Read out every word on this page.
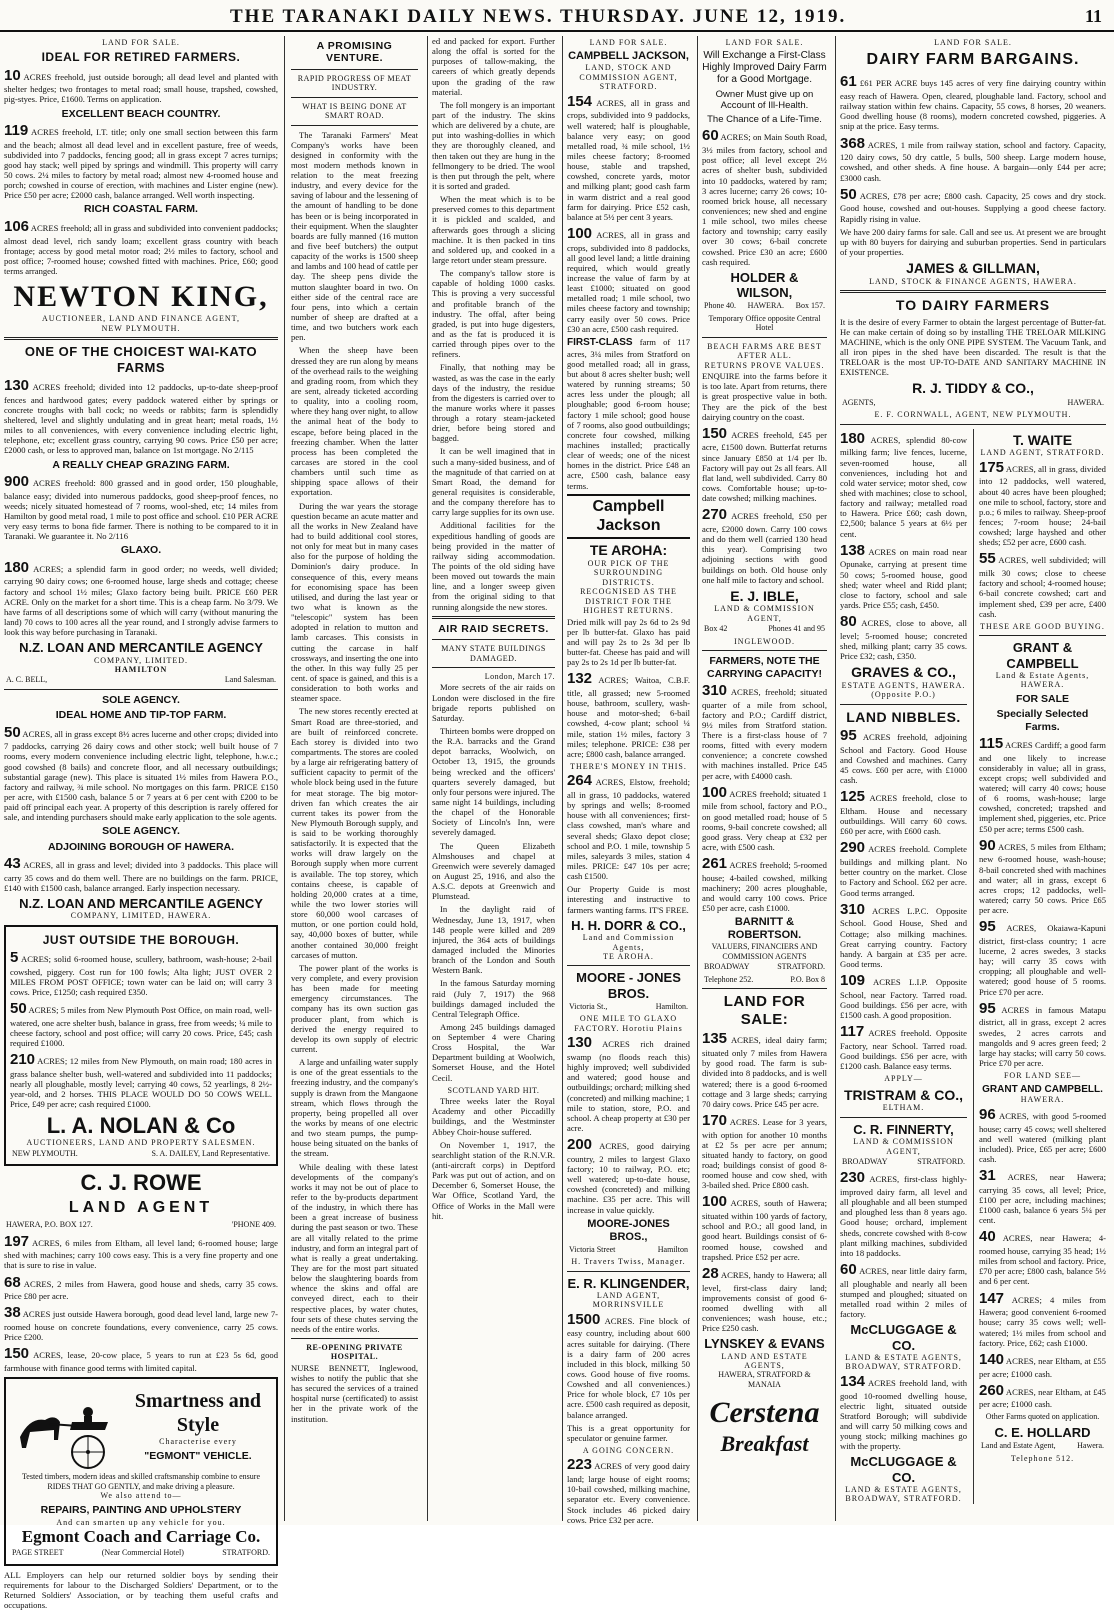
THE TARANAKI DAILY NEWS. THURSDAY. JUNE 12, 1919.	11
LAND FOR SALE.
IDEAL FOR RETIRED FARMERS.
10 ACRES freehold, just outside borough; all dead level and planted with shelter hedges; two frontages to metal road; small house, trapshed, cowshed, pig-styes. Price, £1600. Terms on application.
EXCELLENT BEACH COUNTRY.
119 ACRES freehold, I.T. title; only one small section between this farm and the beach; almost all dead level and in excellent pasture, free of weeds, subdivided into 7 paddocks, fencing good; all in grass except 7 acres turnips; good hay stack; well piped by springs and windmill. This property will carry 50 cows. 2¼ miles to factory by metal road; almost new 4-roomed house and porch; cowshed in course of erection, with machines and Lister engine (new). Price £50 per acre; £2000 cash, balance arranged. Well worth inspecting.
RICH COASTAL FARM.
106 ACRES freehold; all in grass and subdivided into convenient paddocks; almost dead level, rich sandy loam; excellent grass country with beach frontage; access by good metal motor road; 2½ miles to factory, school and post office; 7-roomed house; cowshed fitted with machines. Price, £60; good terms arranged.
NEWTON KING,
AUCTIONEER, LAND AND FINANCE AGENT,
NEW PLYMOUTH.
ONE OF THE CHOICEST WAI-KATO FARMS
130 ACRES freehold; divided into 12 paddocks, up-to-date sheep-proof fences and hardwood gates; every paddock watered either by springs or concrete troughs with ball cock; no weeds or rabbits; farm is splendidly sheltered, level and slightly undulating and in great heart; metal roads, 1½ miles to all conveniences, with every convenience including electric light, telephone, etc; excellent grass country, carrying 90 cows. Price £50 per acre; £2000 cash, or less to approved man, balance on 1st mortgage. No 2/115
A REALLY CHEAP GRAZING FARM.
900 ACRES freehold: 800 grassed and in good order, 150 ploughable, balance easy; divided into numerous paddocks, good sheep-proof fences, no weeds; nicely situated homestead of 7 rooms, wool-shed, etc; 14 miles from Hamilton by good metal road, 1 mile to post office and school. £10 PER ACRE very easy terms to bona fide farmer. There is nothing to be compared to it in Taranaki. We guarantee it. No 2/116
GLAXO.
180 ACRES; a splendid farm in good order; no weeds, well divided; carrying 90 dairy cows; one 6-roomed house, large sheds and cottage; cheese factory and school 1½ miles; Glaxo factory being built. PRICE £60 PER ACRE. Only on the market for a short time. This is a cheap farm. No 3/79. We have farms of all descriptions some of which will carry (without manuring the land) 70 cows to 100 acres all the year round, and I strongly advise farmers to look this way before purchasing in Taranaki.
N.Z. LOAN AND MERCANTILE AGENCY
COMPANY, LIMITED.
HAMILTON
A. C. BELL,	Land Salesman.
SOLE AGENCY.
IDEAL HOME AND TIP-TOP FARM.
50 ACRES, all in grass except 8½ acres lucerne and other crops; divided into 7 paddocks, carrying 26 dairy cows and other stock; well built house of 7 rooms, every modern convenience including electric light, telephone, h.w.c.; good cowshed (8 bails) and concrete floor, and all necessary outbuildings; substantial garage (new). This place is situated 1½ miles from Hawera P.O., factory and railway, ¾ mile school. No mortgages on this farm. PRICE £150 per acre, with £1500 cash, balance 5 or 7 years at 6 per cent with £200 to be paid off principal each year. A property of this description is rarely offered for sale, and intending purchasers should make early application to the sole agents.
SOLE AGENCY.
ADJOINING BOROUGH OF HAWERA.
43 ACRES, all in grass and level; divided into 3 paddocks. This place will carry 35 cows and do them well. There are no buildings on the farm. PRICE, £140 with £1500 cash, balance arranged. Early inspection necessary.
N.Z. LOAN AND MERCANTILE AGENCY
COMPANY, LIMITED, HAWERA.
JUST OUTSIDE THE BOROUGH.
5 ACRES; solid 6-roomed house, scullery, bathroom, wash-house; 2-bail cowshed, piggery. Cost run for 100 fowls; Alta light; JUST OVER 2 MILES FROM POST OFFICE; town water can be laid on; will carry 3 cows. Price, £1250; cash required £350.
50 ACRES; 5 miles from New Plymouth Post Office, on main road, well-watered, one acre shelter bush, balance in grass, free from weeds; ¼ mile to cheese factory, school and post office; will carry 20 cows. Price, £45; cash required £1000.
210 ACRES; 12 miles from New Plymouth, on main road; 180 acres in grass balance shelter bush, well-watered and subdivided into 11 paddocks; nearly all ploughable, mostly level; carrying 40 cows, 52 yearlings, 8 2½-year-old, and 2 horses. THIS PLACE WOULD DO 50 COWS WELL. Price, £49 per acre; cash required £1000.
L. A. NOLAN & Co
AUCTIONEERS, LAND AND PROPERTY SALESMEN.
NEW PLYMOUTH.	S. A. DAILEY, Land Representative.
C. J. ROWE
LAND AGENT
HAWERA, P.O. BOX 127.	'PHONE 409.
197 ACRES, 6 miles from Eltham, all level land; 6-roomed house; large shed with machines; carry 100 cows easy. This is a very fine property and one that is sure to rise in value.
68 ACRES, 2 miles from Hawera, good house and sheds, carry 35 cows. Price £80 per acre.
38 ACRES just outside Hawera borough, good dead level land, large new 7-roomed house on concrete foundations, every convenience, carry 25 cows. Price £200.
150 ACRES, lease, 20-cow place, 5 years to run at £23 5s 6d, good farmhouse with finance good terms with limited capital.
Smartness and
Style
Characterise every
"EGMONT" VEHICLE.
Tested timbers, modern ideas and skilled craftsmanship combine to ensure RIDES THAT GO GENTLY, and make driving a pleasure.
We also attend to—
REPAIRS, PAINTING AND UPHOLSTERY
And can smarten up any vehicle for you.
Egmont Coach and Carriage Co.
PAGE STREET	(Near Commercial Hotel)	STRATFORD.
ALL Employers can help our returned soldier boys by sending their requirements for labour to the Discharged Soldiers' Department, or to the Returned Soldiers' Association, or by teaching them useful crafts and occupations.
A PROMISING VENTURE.
RAPID PROGRESS OF MEAT INDUSTRY.
WHAT IS BEING DONE AT SMART ROAD.
The Taranaki Farmers' Meat Company's works have been designed in conformity with the most modern methods known in relation to the meat freezing industry, and every device for the saving of labour and the lessening of the amount of handling to be done has been or is being incorporated in their equipment. When the slaughter boards are fully manned (16 mutton and five beef butchers) the output capacity of the works is 1500 sheep and lambs and 100 head of cattle per day. The sheep pens divide the mutton slaughter board in two. On either side of the central race are four pens, into which a certain number of sheep are drafted at a time, and two butchers work each pen.
When the sheep have been dressed they are run along by means of the overhead rails to the weighing and grading room, from which they are sent, already ticketed according to quality, into a cooling room, where they hang over night, to allow the animal heat of the body to escape, before being placed in the freezing chamber. When the latter process has been completed the carcases are stored in the cool chambers until such time as shipping space allows of their exportation.
During the war years the storage question became an acute matter and all the works in New Zealand have had to build additional cool stores, not only for meat but in many cases also for the purpose of holding the Dominion's dairy produce. In consequence of this, every means for economising space has been utilised, and during the last year or two what is known as the "telescopic" system has been adopted in relation to mutton and lamb carcases. This consists in cutting the carcase in half crossways, and inserting the one into the other. In this way fully 25 per cent. of space is gained, and this is a consideration to both works and steamer space.
The new stores recently erected at Smart Road are three-storied, and are built of reinforced concrete. Each storey is divided into two compartments. The stores are cooled by a large air refrigerating battery of sufficient capacity to permit of the whole block being used in the future for meat storage. The big motor-driven fan which creates the air current takes its power from the New Plymouth Borough supply, and is said to be working thoroughly satisfactorily. It is expected that the works will draw largely on the Borough supply when more current is available. The top storey, which contains cheese, is capable of holding 20,000 crates at a time, while the two lower stories will store 60,000 wool carcases of mutton, or one portion could hold, say, 40,000 boxes of butter, while another contained 30,000 freight carcases of mutton.
The power plant of the works is very complete, and every provision has been made for meeting emergency circumstances. The company has its own suction gas producer plant, from which is derived the energy required to develop its own supply of electric current.
A large and unfailing water supply is one of the great essentials to the freezing industry, and the company's supply is drawn from the Mangaone stream, which flows through the property, being propelled all over the works by means of one electric and two steam pumps, the pump-house being situated on the banks of the stream.
While dealing with these latest developments of the company's works it may not be out of place to refer to the by-products department of the industry, in which there has been a great increase of business during the past season or two. These are all vitally related to the prime industry, and form an integral part of what is really a great undertaking. They are for the most part situated below the slaughtering boards from whence the skins and offal are conveyed direct, each to their respective places, by water chutes, four sets of these chutes serving the needs of the entire works.
RE-OPENING PRIVATE HOSPITAL.
NURSE BENNETT, Inglewood, wishes to notify the public that she has secured the services of a trained hospital nurse (certificated) to assist her in the private work of the institution.
ed and packed for export. Further along the offal is sorted for the purposes of tallow-making, the careers of which greatly depends upon the grading of the raw material.
The foll mongery is an important part of the industry. The skins which are delivered by a chute, are put into washing-dollies in which they are thoroughly cleaned, and then taken out they are hung in the fellmongery to be dried. The wool is then put through the pelt, where it is sorted and graded.
When the meat which is to be preserved comes to this department it is pickled and scalded, and afterwards goes through a slicing machine. It is then packed in tins and soldered up, and cooked in a large retort under steam pressure.
The company's tallow store is capable of holding 1000 casks. This is proving a very successful and profitable branch of the industry. The offal, after being graded, is put into huge digesters, and as the fat is produced it is carried through pipes over to the refiners.
Finally, that nothing may be wasted, as was the case in the early days of the industry, the residue from the digesters is carried over to the manure works where it passes through a rotary steam-jacketed drier, before being stored and bagged.
It can be well imagined that in such a many-sided business, and of the magnitude of that carried on at Smart Road, the demand for general requisites is considerable, and the company therefore has to carry large supplies for its own use.
Additional facilities for the expeditious handling of goods are being provided in the matter of railway siding accommodation. The points of the old siding have been moved out towards the main line, and a longer sweep given from the original siding to that running alongside the new stores.
AIR RAID SECRETS.
MANY STATE BUILDINGS DAMAGED.
London, March 17.
More secrets of the air raids on London were disclosed in the fire brigade reports published on Saturday.
Thirteen bombs were dropped on the R.A. barracks and the Grand depot barracks, Woolwich, on October 13, 1915, the grounds being wrecked and the officers' quarters severely damaged, but only four persons were injured. The same night 14 buildings, including the chapel of the Honorable Society of Lincoln's Inn, were severely damaged.
The Queen Elizabeth Almshouses and chapel at Greenwich were severely damaged on August 25, 1916, and also the A.S.C. depots at Greenwich and Plumstead.
In the daylight raid of Wednesday, June 13, 1917, when 148 people were killed and 289 injured, the 364 acts of buildings damaged included the Minories branch of the London and South Western Bank.
In the famous Saturday morning raid (July 7, 1917) the 968 buildings damaged included the Central Telegraph Office.
Among 245 buildings damaged on September 4 were Charing Cross Hospital, the War Department building at Woolwich, Somerset House, and the Hotel Cecil.
SCOTLAND YARD HIT.
Three weeks later the Royal Academy and other Piccadilly buildings, and the Westminster Abbey Choir-house suffered.
On November 1, 1917, the searchlight station of the R.N.V.R. (anti-aircraft corps) in Deptford Park was put out of action, and on December 6, Somerset House, the War Office, Scotland Yard, the Office of Works in the Mall were hit.
LAND FOR SALE.
CAMPBELL JACKSON,
LAND, STOCK AND COMMISSION AGENT, STRATFORD.
154 ACRES, all in grass and crops, subdivided into 9 paddocks, well watered; half is ploughable, balance very easy; on good metalled road, ¾ mile school, 1½ miles cheese factory; 8-roomed house, stable and trapshed, cowshed, concrete yards, motor and milking plant; good cash farm in warm district and a real good farm for dairying. Price £52 cash, balance at 5½ per cent 3 years.
100 ACRES, all in grass and crops, subdivided into 8 paddocks, all good level land; a little draining required, which would greatly increase the value of farm by at least £1000; situated on good metalled road; 1 mile school, two miles cheese factory and township; carry easily over 50 cows. Price £30 an acre, £500 cash required.
FIRST-CLASS farm of 117 acres, 3¼ miles from Stratford on good metalled road; all in grass, but about 8 acres shelter bush; well watered by running streams; 50 acres less under the plough; all ploughable; good 6-room house; factory 1 mile school; good house of 7 rooms, also good outbuildings; concrete four cowshed, milking machines installed; practically clear of weeds; one of the nicest homes in the district. Price £48 an acre, £500 cash, balance easy terms.
Campbell Jackson
TE AROHA:
OUR PICK OF THE SURROUNDING DISTRICTS.
RECOGNISED AS THE DISTRICT FOR THE HIGHEST RETURNS.
Dried milk will pay 2s 6d to 2s 9d per lb butter-fat. Glaxo has paid and will pay 2s to 2s 3d per lb butter-fat. Cheese has paid and will pay 2s to 2s 1d per lb butter-fat.
132 ACRES; Waitoa, C.B.F. title, all grassed; new 5-roomed house, bathroom, scullery, wash-house and motor-shed; 6-bail cowshed, 4-cow plant; school ¼ mile, station 1½ miles, factory 3 miles; telephone. PRICE: £38 per acre; £800 cash, balance arranged.
THERE'S MONEY IN THIS.
264 ACRES, Elstow, freehold; all in grass, 10 paddocks, watered by springs and wells; 8-roomed house with all conveniences; first-class cowshed, man's whare and several sheds; Glaxo depot close; school and P.O. 1 mile, township 5 miles, saleyards 3 miles, station 4 miles. PRICE: £47 10s per acre; cash £1500.
Our Property Guide is most interesting and instructive to farmers wanting farms. IT'S FREE.
H. H. DORR & CO.,
Land and Commission Agents,
TE AROHA.
MOORE - JONES BROS.
Victoria St.,	Hamilton.
ONE MILE TO GLAXO FACTORY. Horotiu Plains
130 ACRES rich drained swamp (no floods reach this) highly improved; well subdivided and watered; good house and outbuildings; orchard; milking shed (concreted) and milking machine; 1 mile to station, store, P.O. and school. A cheap property at £30 per acre.
200 ACRES, good dairying country, 2 miles to largest Glaxo factory; 10 to railway, P.O. etc; well watered; up-to-date house, cowshed (concreted) and milking machine. £35 per acre. This will increase in value quickly.
MOORE-JONES BROS.,
Victoria Street	Hamilton
H. Travers Twiss, Manager.
E. R. KLINGENDER,
LAND AGENT,
MORRINSVILLE
1500 ACRES. Fine block of easy country, including about 600 acres suitable for dairying. (There is a dairy farm of 200 acres included in this block, milking 50 cows. Good house of five rooms. Cowshed and all conveniences.) Price for whole block, £7 10s per acre. £500 cash required as deposit, balance arranged.
This is a great opportunity for speculator or genuine farmer.
A GOING CONCERN.
223 ACRES of very good dairy land; large house of eight rooms; 10-bail cowshed, milking machine, separator etc. Every convenience. Stock includes 46 picked dairy cows. Price £32 per acre.
LAND FOR SALE.
Will Exchange a First-Class Highly Improved Dairy Farm for a Good Mortgage.
Owner Must give up on Account of Ill-Health.
The Chance of a Life-Time.
60 ACRES; on Main South Road, 3½ miles from factory, school and post office; all level except 2½ acres of shelter bush, subdivided into 10 paddocks, watered by ram; 3 acres lucerne; carry 26 cows; 10-roomed brick house, all necessary conveniences; new shed and engine 1 mile school, two miles cheese factory and township; carry easily over 30 cows; 6-bail concrete cowshed. Price £30 an acre; £600 cash required.
HOLDER & WILSON,
Phone 40. HAWERA. Box 157.
Temporary Office opposite Central Hotel
BEACH FARMS ARE BEST AFTER ALL.
RETURNS PROVE VALUES.
ENQUIRE into the farms before it is too late. Apart from returns, there is great prospective value in both. They are the pick of the best dairying country on the coast.
150 ACRES freehold, £45 per acre, £1500 down. Butterfat returns since January £850 at 1/4 per lb. Factory will pay out 2s all fears. All flat land, well subdivided. Carry 80 cows. Comfortable house; up-to-date cowshed; milking machines.
270 ACRES freehold, £50 per acre, £2000 down. Carry 100 cows and do them well (carried 130 head this year). Comprising two adjoining sections with good buildings on both. Old house only one half mile to factory and school.
E. J. IBLE,
LAND & COMMISSION AGENT,
Box 42	Phones 41 and 95
INGLEWOOD.
FARMERS, NOTE THE CARRYING CAPACITY!
310 ACRES, freehold; situated quarter of a mile from school, factory and P.O.; Cardiff district, 9½ miles from Stratford station. There is a first-class house of 7 rooms, fitted with every modern convenience; a concrete cowshed with machines installed. Price £45 per acre, with £4000 cash.
100 ACRES freehold; situated 1 mile from school, factory and P.O., on good metalled road; house of 5 rooms, 9-bail concrete cowshed; all good grass. Very cheap at £32 per acre, with £500 cash.
261 ACRES freehold; 5-roomed house; 4-bailed cowshed, milking machinery; 200 acres ploughable, and would carry 100 cows. Price £50 per acre, cash £1000.
BARNITT & ROBERTSON.
VALUERS, FINANCIERS AND COMMISSION AGENTS
BROADWAY	STRATFORD.
Telephone 252.	P.O. Box 8
LAND FOR SALE:
135 ACRES, ideal dairy farm; situated only 7 miles from Hawera by good road. The farm is sub-divided into 8 paddocks, and is well watered; there is a good 6-roomed cottage and 3 large sheds; carrying 70 dairy cows. Price £45 per acre.
170 ACRES. Lease for 3 years, with option for another 10 months at £2 5s per acre per annum; situated handy to factory, on good road; buildings consist of good 8-roomed house and cow shed, with 3-bailed shed. Price £800 cash.
100 ACRES, south of Hawera; situated within 100 yards of factory, school and P.O.; all good land, in good heart. Buildings consist of 6-roomed house, cowshed and trapshed. Price £52 per acre.
28 ACRES, handy to Hawera; all level, first-class dairy land; improvements consist of good 6-roomed dwelling with all conveniences; wash house, etc.; Price £250 cash.
LYNSKEY & EVANS
LAND AND ESTATE AGENTS,
HAWERA, STRATFORD & MANAIA
Cerstena
Breakfast
LAND FOR SALE.
DAIRY FARM BARGAINS.
61 £61 PER ACRE buys 145 acres of very fine dairying country within easy reach of Hawera. Open, cleared, ploughable land. Factory, school and railway station within few chains. Capacity, 55 cows, 8 horses, 20 weaners. Good dwelling house (8 rooms), modern concreted cowshed, piggeries. A snip at the price. Easy terms.
368 ACRES, 1 mile from railway station, school and factory. Capacity, 120 dairy cows, 50 dry cattle, 5 bulls, 500 sheep. Large modern house, cowshed, and other sheds. A fine house. A bargain—only £44 per acre; £3000 cash.
50 ACRES, £78 per acre; £800 cash. Capacity, 25 cows and dry stock. Good house, cowshed and out-houses. Supplying a good cheese factory. Rapidly rising in value.
We have 200 dairy farms for sale. Call and see us. At present we are brought up with 80 buyers for dairying and suburban properties. Send in particulars of your properties.
JAMES & GILLMAN,
LAND, STOCK & FINANCE AGENTS, HAWERA.
TO DAIRY FARMERS
It is the desire of every Farmer to obtain the largest percentage of Butter-fat. He can make certain of doing so by installing THE TRELOAR MILKING MACHINE, which is the only ONE PIPE SYSTEM. The Vacuum Tank, and all iron pipes in the shed have been discarded. The result is that the TRELOAR is the most UP-TO-DATE AND SANITARY MACHINE IN EXISTENCE.
R. J. TIDDY & CO.,
AGENTS,	HAWERA.
E. F. CORNWALL, AGENT, NEW PLYMOUTH.
180 ACRES, splendid 80-cow milking farm; live fences, lucerne, seven-roomed house, all conveniences, including hot and cold water service; motor shed, cow shed with machines; close to school, factory and railway; metalled road to Hawera. Price £60; cash down, £2,500; balance 5 years at 6½ per cent.
138 ACRES on main road near Opunake, carrying at present time 50 cows; 5-roomed house, good shed; water wheel and Ridd plant; close to factory, school and sale yards. Price £55; cash, £450.
80 ACRES, close to above, all level; 5-roomed house; concreted shed, milking plant; carry 35 cows. Price £32; cash, £350.
GRAVES & CO.,
ESTATE AGENTS, HAWERA.
(Opposite P.O.)
LAND NIBBLES.
95 ACRES freehold, adjoining School and Factory. Good House and Cowshed and machines. Carry 45 cows. £60 per acre, with £1000 cash.
125 ACRES freehold, close to Eltham. House and necessary outbuildings. Will carry 60 cows. £60 per acre, with £600 cash.
290 ACRES freehold. Complete buildings and milking plant. No better country on the market. Close to Factory and School. £62 per acre. Good terms arranged.
310 ACRES L.P.C. Opposite School. Good House, Shed and Cottage; also milking machines. Great carrying country. Factory handy. A bargain at £35 per acre. Good terms.
109 ACRES L.I.P. Opposite School, near Factory. Tarred road. Good buildings. £56 per acre, with £1500 cash. A good proposition.
117 ACRES freehold. Opposite Factory, near School. Tarred road. Good buildings. £56 per acre, with £1200 cash. Balance easy terms.
APPLY—
TRISTRAM & CO.,
ELTHAM.
C. R. FINNERTY,
LAND & COMMISSION AGENT,
BROADWAY	STRATFORD.
230 ACRES, first-class highly-improved dairy farm, all level and all ploughable and all been stumped and ploughed less than 8 years ago. Good house; orchard, implement sheds, concrete cowshed with 8-cow plant milking machines, subdivided into 18 paddocks.
60 ACRES, near little dairy farm, all ploughable and nearly all been stumped and ploughed; situated on metalled road within 2 miles of factory.
McCLUGGAGE & CO.
LAND & ESTATE AGENTS,
BROADWAY, STRATFORD.
134 ACRES freehold land, with good 10-roomed dwelling house, electric light, situated outside Stratford Borough; will subdivide and will carry 50 milking cows and young stock; milking machines go with the property.
McCLUGGAGE & CO.
LAND & ESTATE AGENTS,
BROADWAY, STRATFORD.
T. WAITE
LAND AGENT, STRATFORD.
175 ACRES, all in grass, divided into 12 paddocks, well watered, about 40 acres have been ploughed; one mile to school, factory, store and p.o.; 6 miles to railway. Sheep-proof fences; 7-room house; 24-bail cowshed; large hayshed and other sheds; £52 per acre, £600 cash.
55 ACRES, well subdivided; will milk 30 cows; close to cheese factory and school; 4-roomed house; 6-bail concrete cowshed; cart and implement shed, £39 per acre, £400 cash.
THESE ARE GOOD BUYING.
GRANT & CAMPBELL
Land & Estate Agents,
HAWERA.
FOR SALE
Specially Selected Farms.
115 ACRES Cardiff; a good farm and one likely to increase considerably in value; all in grass, except crops; well subdivided and watered; will carry 40 cows; house of 6 rooms, wash-house; large cowshed, concreted; trapshed and implement shed, piggeries, etc. Price £50 per acre; terms £500 cash.
90 ACRES, 5 miles from Eltham; new 6-roomed house, wash-house; 8-bail concreted shed with machines and water; all in grass, except 6 acres crops; 12 paddocks, well-watered; carry 50 cows. Price £65 per acre.
95 ACRES, Okaiawa-Kapuni district, first-class country; 1 acre lucerne, 2 acres swedes, 3 stacks hay; will carry 35 cows with cropping; all ploughable and well-watered; good house of 5 rooms. Price £70 per acre.
95 ACRES in famous Matapu district, all in grass, except 2 acres swedes, 2 acres carrots and mangolds and 9 acres green feed; 2 large hay stacks; will carry 50 cows. Price £70 per acre.
FOR LAND SEE—
GRANT AND CAMPBELL.
HAWERA.
96 ACRES, with good 5-roomed house; carry 45 cows; well sheltered and well watered (milking plant included). Price, £65 per acre; £600 cash.
31 ACRES, near Hawera; carrying 35 cows, all level; Price, £100 per acre, including machines; £1000 cash, balance 6 years 5¼ per cent.
40 ACRES, near Hawera; 4-roomed house, carrying 35 head; 1½ miles from school and factory. Price, £70 per acre; £800 cash, balance 5½ and 6 per cent.
147 ACRES; 4 miles from Hawera; good convenient 6-roomed house; carry 35 cows well; well-watered; 1½ miles from school and factory. Price, £62; cash £1000.
140 ACRES, near Eltham, at £55 per acre; £1000 cash.
260 ACRES, near Eltham, at £45 per acre; £1000 cash.
Other Farms quoted on application.
C. E. HOLLARD
Land and Estate Agent,	Hawera.
Telephone 512.
